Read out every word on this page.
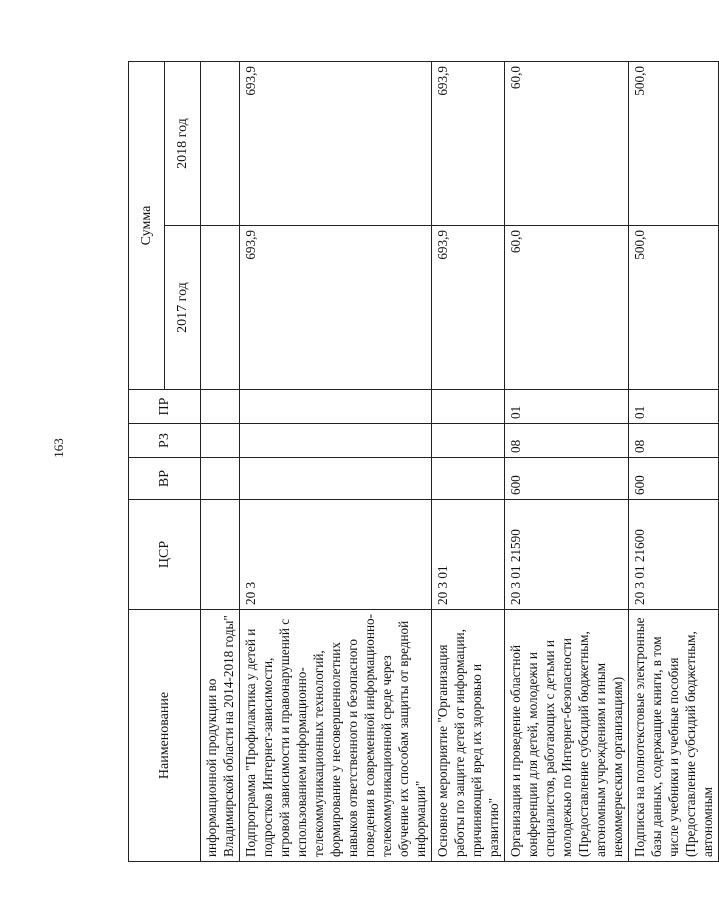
163
Наименование	ЦСР	ВР	РЗ	ПР	Сумма	
					2017 год	2018 год
информационной продукции во Владимирской области на 2014-2018 годы"						
Подпрограмма "Профилактика у детей и подростков Интернет-зависимости, игровой зависимости и правонарушений с использованием информационно-телекоммуникационных технологий, формирование у несовершеннолетних навыков ответственного и безопасного поведения в современной информационно-телекоммуникационной среде через обучение их способам защиты от вредной информации"	20 3				693,9	693,9
Основное мероприятие "Организация работы по защите детей от информации, причиняющей вред их здоровью и развитию"	20 3 01				693,9	693,9
Организация и проведение областной конференции для детей, молодежи и специалистов, работающих с детьми и молодежью по Интернет-безопасности (Предоставление субсидий бюджетным, автономным учреждениям и иным некоммерческим организациям)	20 3 01 21590	600	08	01	60,0	60,0
Подписка на полнотекстовые электронные базы данных, содержащие книги, в том числе учебники и учебные пособия (Предоставление субсидий бюджетным, автономным	20 3 01 21600	600	08	01	500,0	500,0
